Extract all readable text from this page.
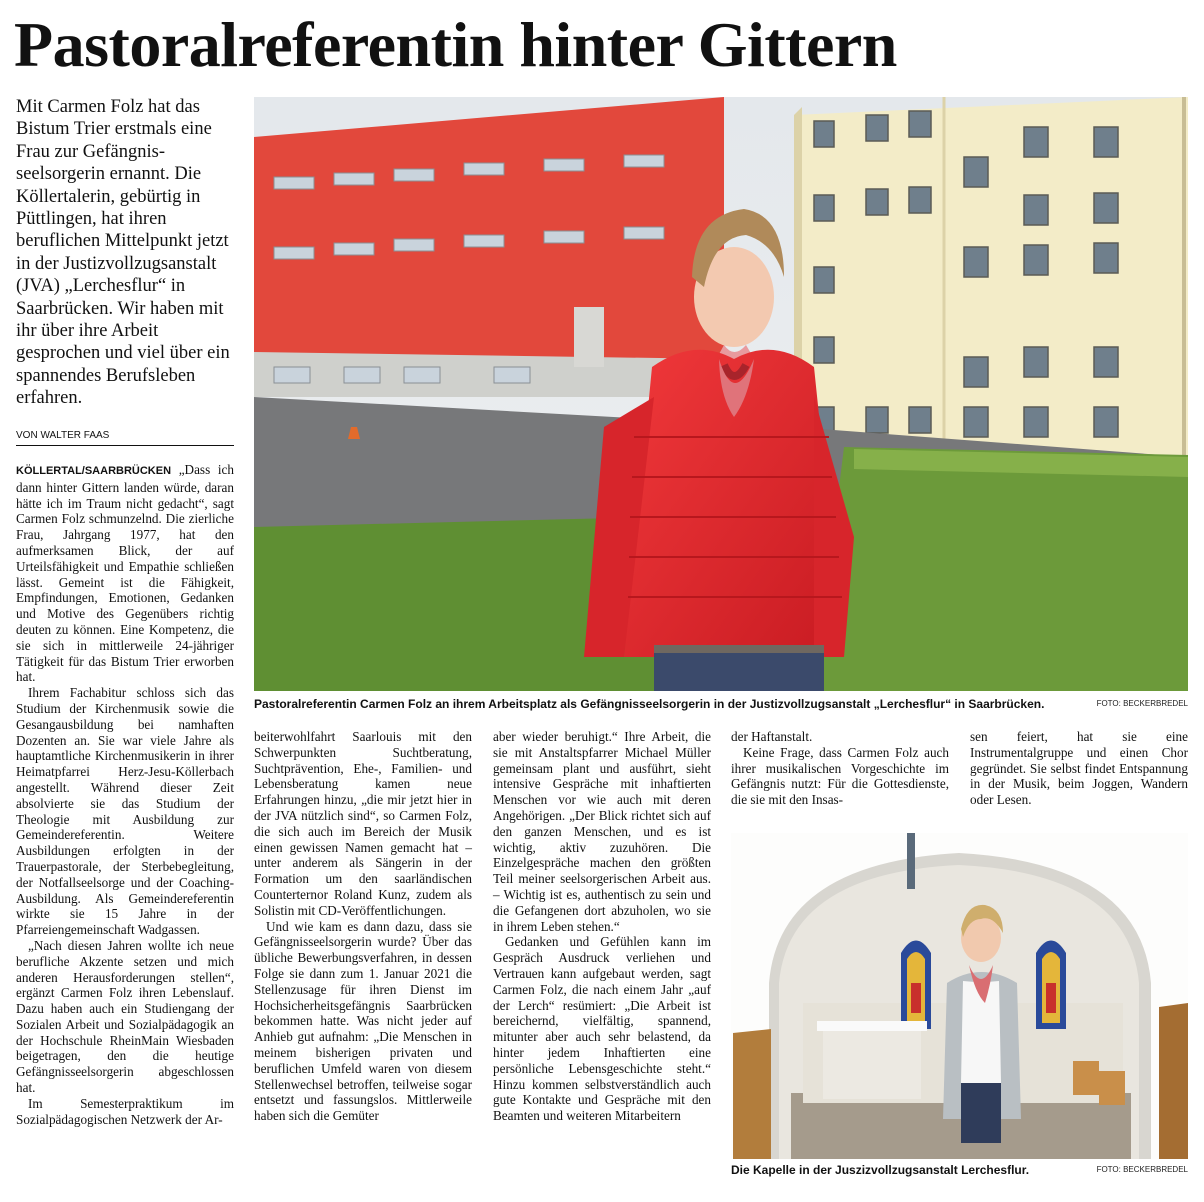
Pastoralreferentin hinter Gittern

Mit Carmen Folz hat das Bistum Trier erstmals eine Frau zur Gefängnisseelsorgerin ernannt. Die Köllertalerin, gebürtig in Püttlingen, hat ihren beruflichen Mittelpunkt jetzt in der Justizvollzugsanstalt (JVA) „Lerchesflur“ in Saarbrücken. Wir haben mit ihr über ihre Arbeit gesprochen und viel über ein spannendes Berufsleben erfahren.

VON WALTER FAAS

KÖLLERTAL/SAARBRÜCKEN „Dass ich dann hinter Gittern landen würde, daran hätte ich im Traum nicht gedacht“, sagt Carmen Folz schmunzelnd. Die zierliche Frau, Jahrgang 1977, hat den aufmerksamen Blick, der auf Urteilsfähigkeit und Empathie schließen lässt. Gemeint ist die Fähigkeit, Empfindungen, Emotionen, Gedanken und Motive des Gegenübers richtig deuten zu können. Eine Kompetenz, die sie sich in mittlerweile 24-jähriger Tätigkeit für das Bistum Trier erworben hat.

Ihrem Fachabitur schloss sich das Studium der Kirchenmusik sowie die Gesangausbildung bei namhaften Dozenten an. Sie war viele Jahre als hauptamtliche Kirchenmusikerin in ihrer Heimatpfarrei Herz-Jesu-Köllerbach angestellt. Während dieser Zeit absolvierte sie das Studium der Theologie mit Ausbildung zur Gemeindereferentin. Weitere Ausbildungen erfolgten in der Trauerpastorale, der Sterbebegleitung, der Notfallseelsorge und der Coaching-Ausbildung. Als Gemeindereferentin wirkte sie 15 Jahre in der Pfarreiengemeinschaft Wadgassen.

„Nach diesen Jahren wollte ich neue berufliche Akzente setzen und mich anderen Herausforderungen stellen“, ergänzt Carmen Folz ihren Lebenslauf. Dazu haben auch ein Studiengang der Sozialen Arbeit und Sozialpädagogik an der Hochschule RheinMain Wiesbaden beigetragen, den die heutige Gefängnisseelsorgerin abgeschlossen hat.

Im Semesterpraktikum im Sozialpädagogischen Netzwerk der Ar-

Pastoralreferentin Carmen Folz an ihrem Arbeitsplatz als Gefängnisseelsorgerin in der Justizvollzugsanstalt „Lerchesflur“ in Saarbrücken.	FOTO: BECKERBREDEL

beiterwohlfahrt Saarlouis mit den Schwerpunkten Suchtberatung, Suchtprävention, Ehe-, Familien- und Lebensberatung kamen neue Erfahrungen hinzu, „die mir jetzt hier in der JVA nützlich sind“, so Carmen Folz, die sich auch im Bereich der Musik einen gewissen Namen gemacht hat – unter anderem als Sängerin in der Formation um den saarländischen Counterternor Roland Kunz, zudem als Solistin mit CD-Veröffentlichungen.

Und wie kam es dann dazu, dass sie Gefängnisseelsorgerin wurde? Über das übliche Bewerbungsverfahren, in dessen Folge sie dann zum 1. Januar 2021 die Stellenzusage für ihren Dienst im Hochsicherheitsgefängnis Saarbrücken bekommen hatte. Was nicht jeder auf Anhieb gut aufnahm: „Die Menschen in meinem bisherigen privaten und beruflichen Umfeld waren von diesem Stellenwechsel betroffen, teilweise sogar entsetzt und fassungslos. Mittlerweile haben sich die Gemüter

aber wieder beruhigt.“ Ihre Arbeit, die sie mit Anstaltspfarrer Michael Müller gemeinsam plant und ausführt, sieht intensive Gespräche mit inhaftierten Menschen vor wie auch mit deren Angehörigen. „Der Blick richtet sich auf den ganzen Menschen, und es ist wichtig, aktiv zuzuhören. Die Einzelgespräche machen den größten Teil meiner seelsorgerischen Arbeit aus. – Wichtig ist es, authentisch zu sein und die Gefangenen dort abzuholen, wo sie in ihrem Leben stehen.“

Gedanken und Gefühlen kann im Gespräch Ausdruck verliehen und Vertrauen kann aufgebaut werden, sagt Carmen Folz, die nach einem Jahr „auf der Lerch“ resümiert: „Die Arbeit ist bereichernd, vielfältig, spannend, mitunter aber auch sehr belastend, da hinter jedem Inhaftierten eine persönliche Lebensgeschichte steht.“ Hinzu kommen selbstverständlich auch gute Kontakte und Gespräche mit den Beamten und weiteren Mitarbeitern

der Haftanstalt.

Keine Frage, dass Carmen Folz auch ihrer musikalischen Vorgeschichte im Gefängnis nutzt: Für die Gottesdienste, die sie mit den Insas-

sen feiert, hat sie eine Instrumentalgruppe und einen Chor gegründet. Sie selbst findet Entspannung in der Musik, beim Joggen, Wandern oder Lesen.

Die Kapelle in der Juszizvollzugsanstalt Lerchesflur.	FOTO: BECKERBREDEL
